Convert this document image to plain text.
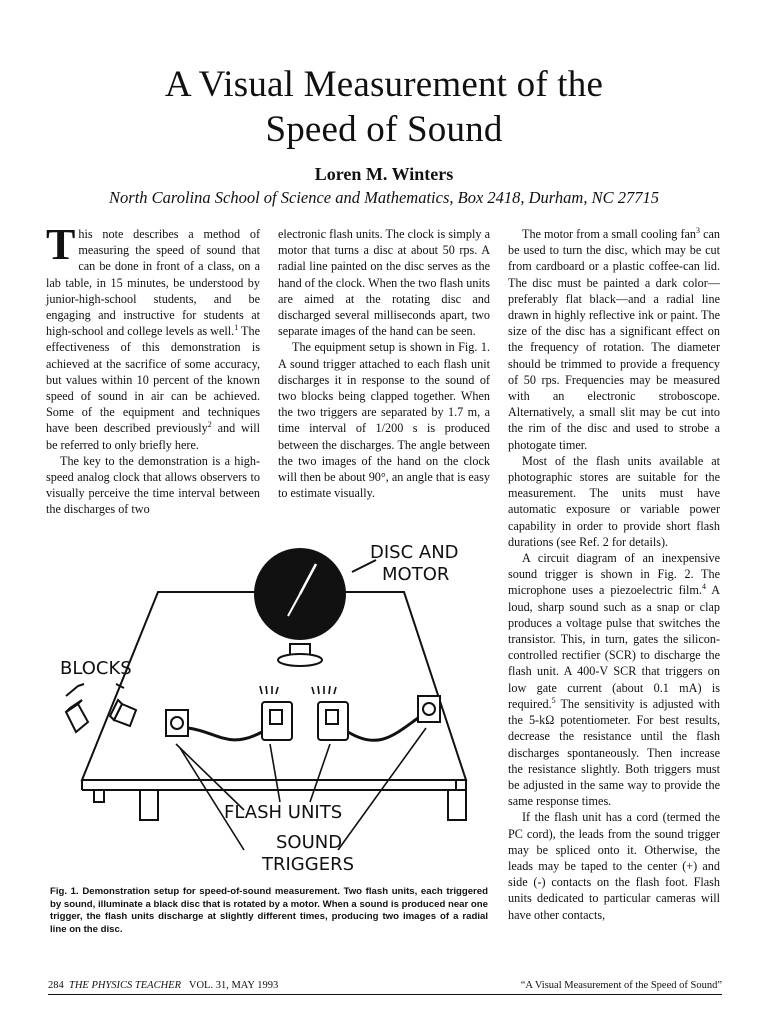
A Visual Measurement of the
Speed of Sound
Loren M. Winters
North Carolina School of Science and Mathematics, Box 2418, Durham, NC 27715

This note describes a method of measuring the speed of sound that can be done in front of a class, on a lab table, in 15 minutes, be understood by junior-high-school students, and be engaging and instructive for students at high-school and college levels as well.$^1$ The effectiveness of this demonstration is achieved at the sacrifice of some accuracy, but values within 10 percent of the known speed of sound in air can be achieved. Some of the equipment and techniques have been described previously$^2$ and will be referred to only briefly here.

The key to the demonstration is a high-speed analog clock that allows observers to visually perceive the time interval between the discharges of two

electronic flash units. The clock is simply a motor that turns a disc at about 50 rps. A radial line painted on the disc serves as the hand of the clock. When the two flash units are aimed at the rotating disc and discharged several milliseconds apart, two separate images of the hand can be seen.

The equipment setup is shown in Fig. 1. A sound trigger attached to each flash unit discharges it in response to the sound of two blocks being clapped together. When the two triggers are separated by 1.7 m, a time interval of 1/200 s is produced between the discharges. The angle between the two images of the hand on the clock will then be about 90°, an angle that is easy to estimate visually.

The motor from a small cooling fan$^3$ can be used to turn the disc, which may be cut from cardboard or a plastic coffee-can lid. The disc must be painted a dark color—preferably flat black—and a radial line drawn in highly reflective ink or paint. The size of the disc has a significant effect on the frequency of rotation. The diameter should be trimmed to provide a frequency of 50 rps. Frequencies may be measured with an electronic stroboscope. Alternatively, a small slit may be cut into the rim of the disc and used to strobe a photogate timer.

Most of the flash units available at photographic stores are suitable for the measurement. The units must have automatic exposure or variable power capability in order to provide short flash durations (see Ref. 2 for details).

A circuit diagram of an inexpensive sound trigger is shown in Fig. 2. The microphone uses a piezoelectric film.$^4$ A loud, sharp sound such as a snap or clap produces a voltage pulse that switches the transistor. This, in turn, gates the silicon-controlled rectifier (SCR) to discharge the flash unit. A 400-V SCR that triggers on low gate current (about 0.1 mA) is required.$^5$ The sensitivity is adjusted with the 5-kΩ potentiometer. For best results, decrease the resistance until the flash discharges spontaneously. Then increase the resistance slightly. Both triggers must be adjusted in the same way to provide the same response times.

If the flash unit has a cord (termed the PC cord), the leads from the sound trigger may be spliced onto it. Otherwise, the leads may be taped to the center (+) and side (-) contacts on the flash foot. Flash units dedicated to particular cameras will have other contacts,

DISC AND
MOTOR
BLOCKS
FLASH UNITS
SOUND
TRIGGERS
Fig. 1. Demonstration setup for speed-of-sound measurement. Two flash units, each triggered by sound, illuminate a black disc that is rotated by a motor. When a sound is produced near one trigger, the flash units discharge at slightly different times, producing two images of a radial line on the disc.
284 THE PHYSICS TEACHER VOL. 31, MAY 1993	“A Visual Measurement of the Speed of Sound”
